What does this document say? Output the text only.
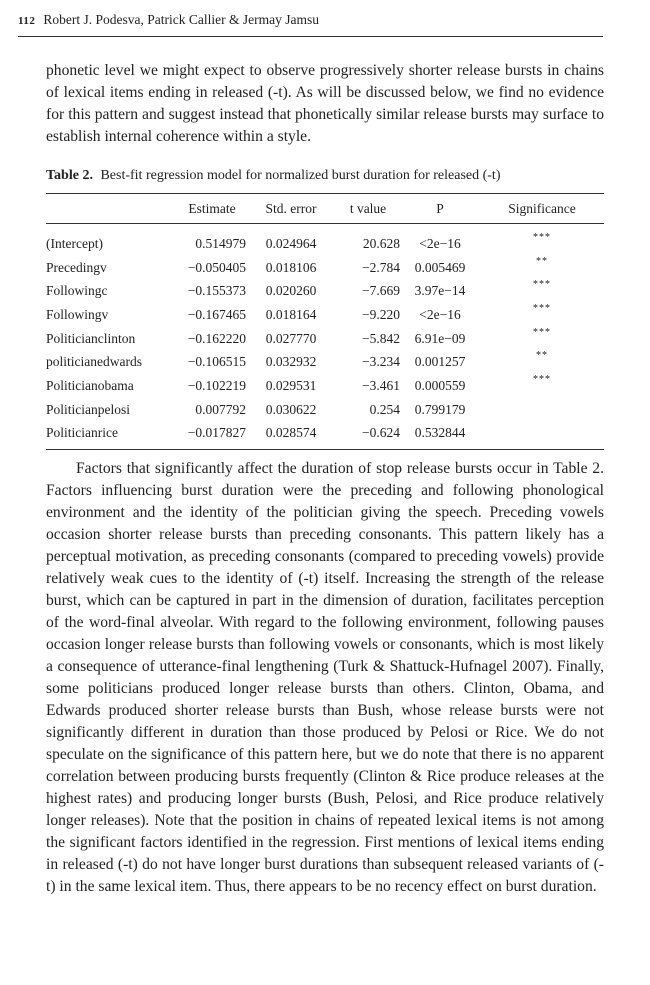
112 Robert J. Podesva, Patrick Callier & Jermay Jamsu

phonetic level we might expect to observe progressively shorter release bursts in chains of lexical items ending in released (-t). As will be discussed below, we find no evidence for this pattern and suggest instead that phonetically similar release bursts may surface to establish internal coherence within a style.

Table 2. Best-fit regression model for normalized burst duration for released (-t)
	Estimate	Std. error	t value	P	Significance
(Intercept)	0.514979	0.024964	20.628	<2e−16	***
Precedingv	−0.050405	0.018106	−2.784	0.005469	**
Followingc	−0.155373	0.020260	−7.669	3.97e−14	***
Followingv	−0.167465	0.018164	−9.220	<2e−16	***
Politicianclinton	−0.162220	0.027770	−5.842	6.91e−09	***
politicianedwards	−0.106515	0.032932	−3.234	0.001257	**
Politicianobama	−0.102219	0.029531	−3.461	0.000559	***
Politicianpelosi	0.007792	0.030622	0.254	0.799179	
Politicianrice	−0.017827	0.028574	−0.624	0.532844	

Factors that significantly affect the duration of stop release bursts occur in Table 2. Factors influencing burst duration were the preceding and following phonological environment and the identity of the politician giving the speech. Preceding vowels occasion shorter release bursts than preceding consonants. This pattern likely has a perceptual motivation, as preceding consonants (compared to preceding vowels) provide relatively weak cues to the identity of (-t) itself. Increasing the strength of the release burst, which can be captured in part in the dimension of duration, facilitates perception of the word-final alveolar. With regard to the following environment, following pauses occasion longer release bursts than following vowels or consonants, which is most likely a consequence of utterance-final lengthening (Turk & Shattuck-Hufnagel 2007). Finally, some politicians produced longer release bursts than others. Clinton, Obama, and Edwards produced shorter release bursts than Bush, whose release bursts were not significantly different in duration than those produced by Pelosi or Rice. We do not speculate on the significance of this pattern here, but we do note that there is no apparent correlation between producing bursts frequently (Clinton & Rice produce releases at the highest rates) and producing longer bursts (Bush, Pelosi, and Rice produce relatively longer releases). Note that the position in chains of repeated lexical items is not among the significant factors identified in the regression. First mentions of lexical items ending in released (-t) do not have longer burst durations than subsequent released variants of (-t) in the same lexical item. Thus, there appears to be no recency effect on burst duration.
